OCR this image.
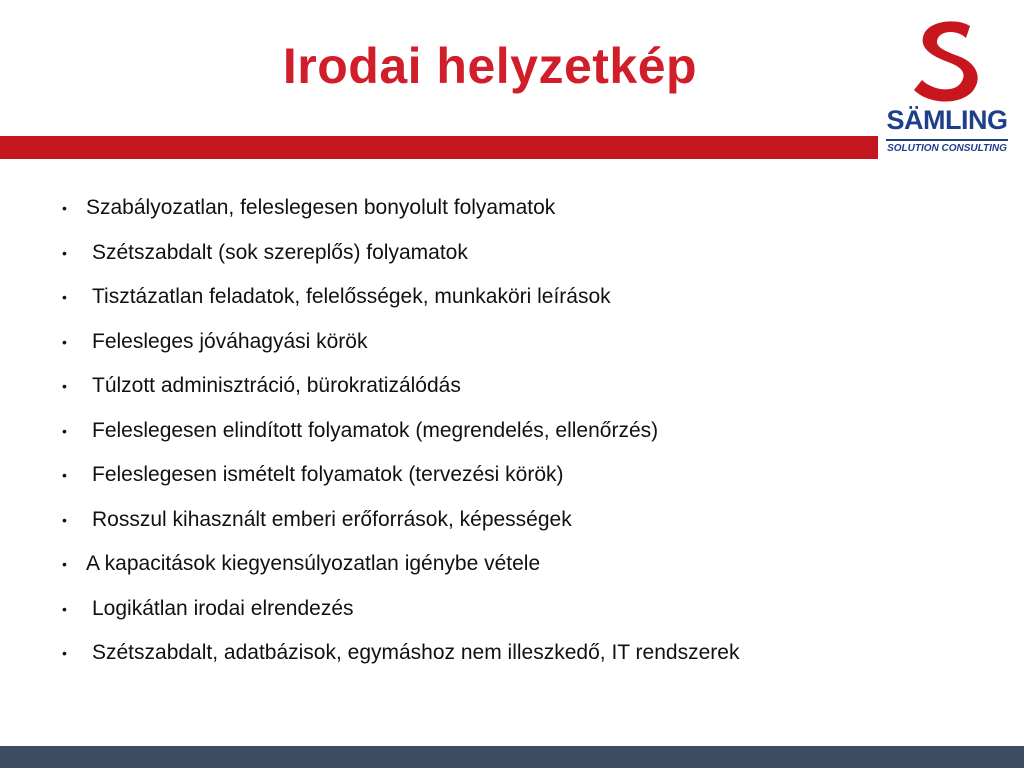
Irodai helyzetkép
SÄMLING
SOLUTION CONSULTING
• Szabályozatlan, feleslegesen bonyolult folyamatok
• Szétszabdalt (sok szereplős) folyamatok
• Tisztázatlan feladatok, felelősségek, munkaköri leírások
• Felesleges jóváhagyási körök
• Túlzott adminisztráció, bürokratizálódás
• Feleslegesen elindított folyamatok (megrendelés, ellenőrzés)
• Feleslegesen ismételt folyamatok (tervezési körök)
• Rosszul kihasznált emberi erőforrások, képességek
• A kapacitások kiegyensúlyozatlan igénybe vétele
• Logikátlan irodai elrendezés
• Szétszabdalt, adatbázisok, egymáshoz nem illeszkedő, IT rendszerek
